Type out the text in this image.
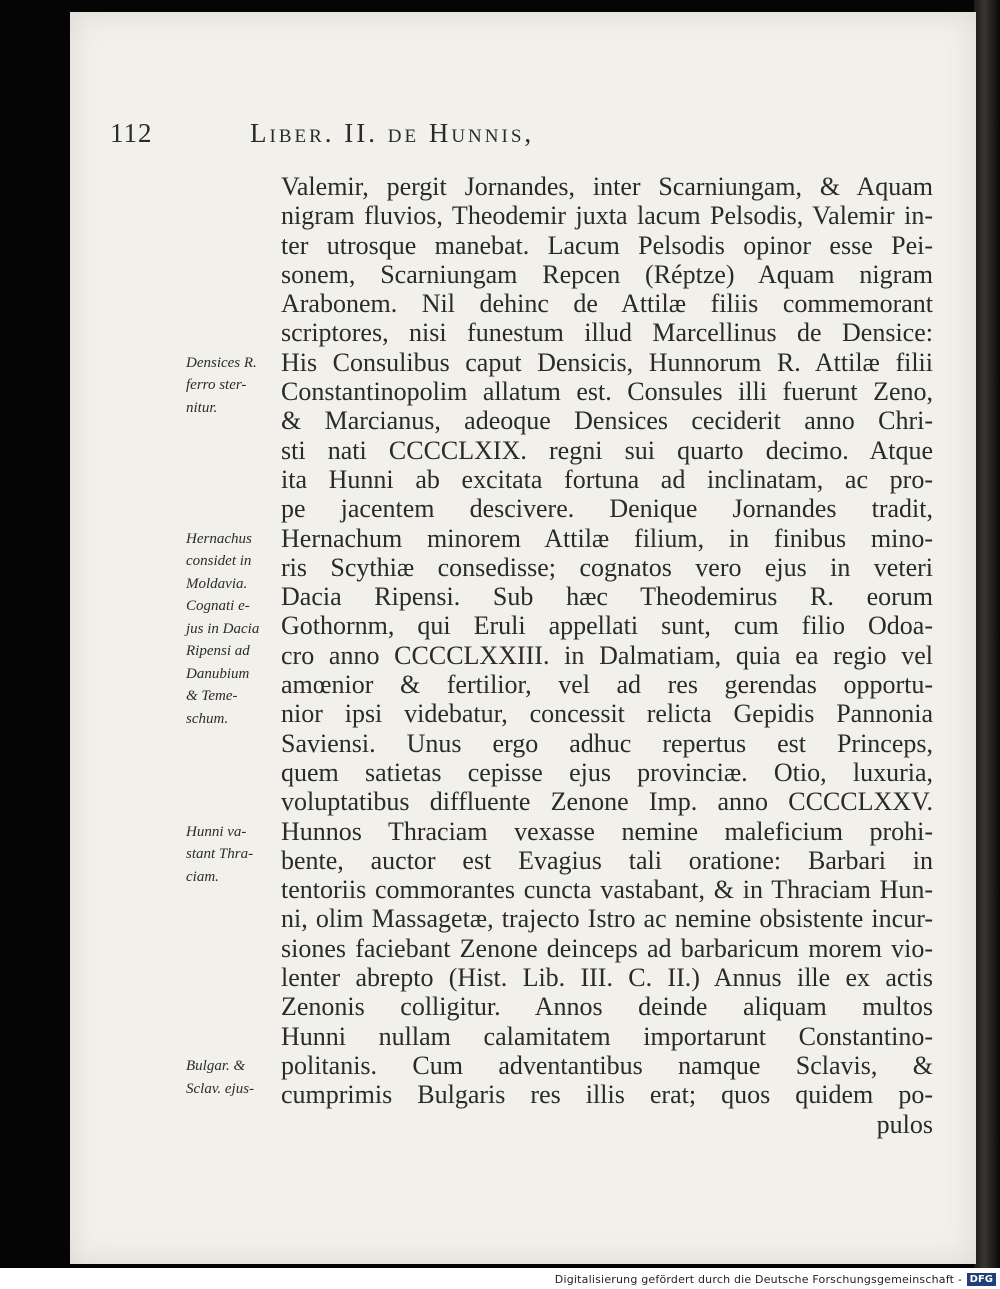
112	Liber. II. de Hunnis,
Densices R.
ferro ster-
nitur.
Hernachus
considet in
Moldavia.
Cognati e-
jus in Dacia
Ripensi ad
Danubium
& Teme-
schum.
Hunni va-
stant Thra-
ciam.
Bulgar. &
Sclav. ejus-
Valemir, pergit Jornandes, inter Scarniungam, & Aquam
nigram fluvios, Theodemir juxta lacum Pelsodis, Valemir in-
ter utrosque manebat. Lacum Pelsodis opinor esse Pei-
sonem, Scarniungam Repcen (Réptze) Aquam nigram
Arabonem. Nil dehinc de Attilæ filiis commemorant
scriptores, nisi funestum illud Marcellinus de Densice:
His Consulibus caput Densicis, Hunnorum R. Attilæ filii
Constantinopolim allatum est. Consules illi fuerunt Zeno,
& Marcianus, adeoque Densices ceciderit anno Chri-
sti nati CCCCLXIX. regni sui quarto decimo. Atque
ita Hunni ab excitata fortuna ad inclinatam, ac pro-
pe jacentem descivere. Denique Jornandes tradit,
Hernachum minorem Attilæ filium, in finibus mino-
ris Scythiæ consedisse; cognatos vero ejus in veteri
Dacia Ripensi. Sub hæc Theodemirus R. eorum
Gothornm, qui Eruli appellati sunt, cum filio Odoa-
cro anno CCCCLXXIII. in Dalmatiam, quia ea regio vel
amœnior & fertilior, vel ad res gerendas opportu-
nior ipsi videbatur, concessit relicta Gepidis Pannonia
Saviensi. Unus ergo adhuc repertus est Princeps,
quem satietas cepisse ejus provinciæ. Otio, luxuria,
voluptatibus diffluente Zenone Imp. anno CCCCLXXV.
Hunnos Thraciam vexasse nemine maleficium prohi-
bente, auctor est Evagius tali oratione: Barbari in
tentoriis commorantes cuncta vastabant, & in Thraciam Hun-
ni, olim Massagetæ, trajecto Istro ac nemine obsistente incur-
siones faciebant Zenone deinceps ad barbaricum morem vio-
lenter abrepto (Hist. Lib. III. C. II.) Annus ille ex actis
Zenonis colligitur. Annos deinde aliquam multos
Hunni nullam calamitatem importarunt Constantino-
politanis. Cum adventantibus namque Sclavis, &
cumprimis Bulgaris res illis erat; quos quidem po-
pulos
Digitalisierung gefördert durch die Deutsche Forschungsgemeinschaft - DFG
